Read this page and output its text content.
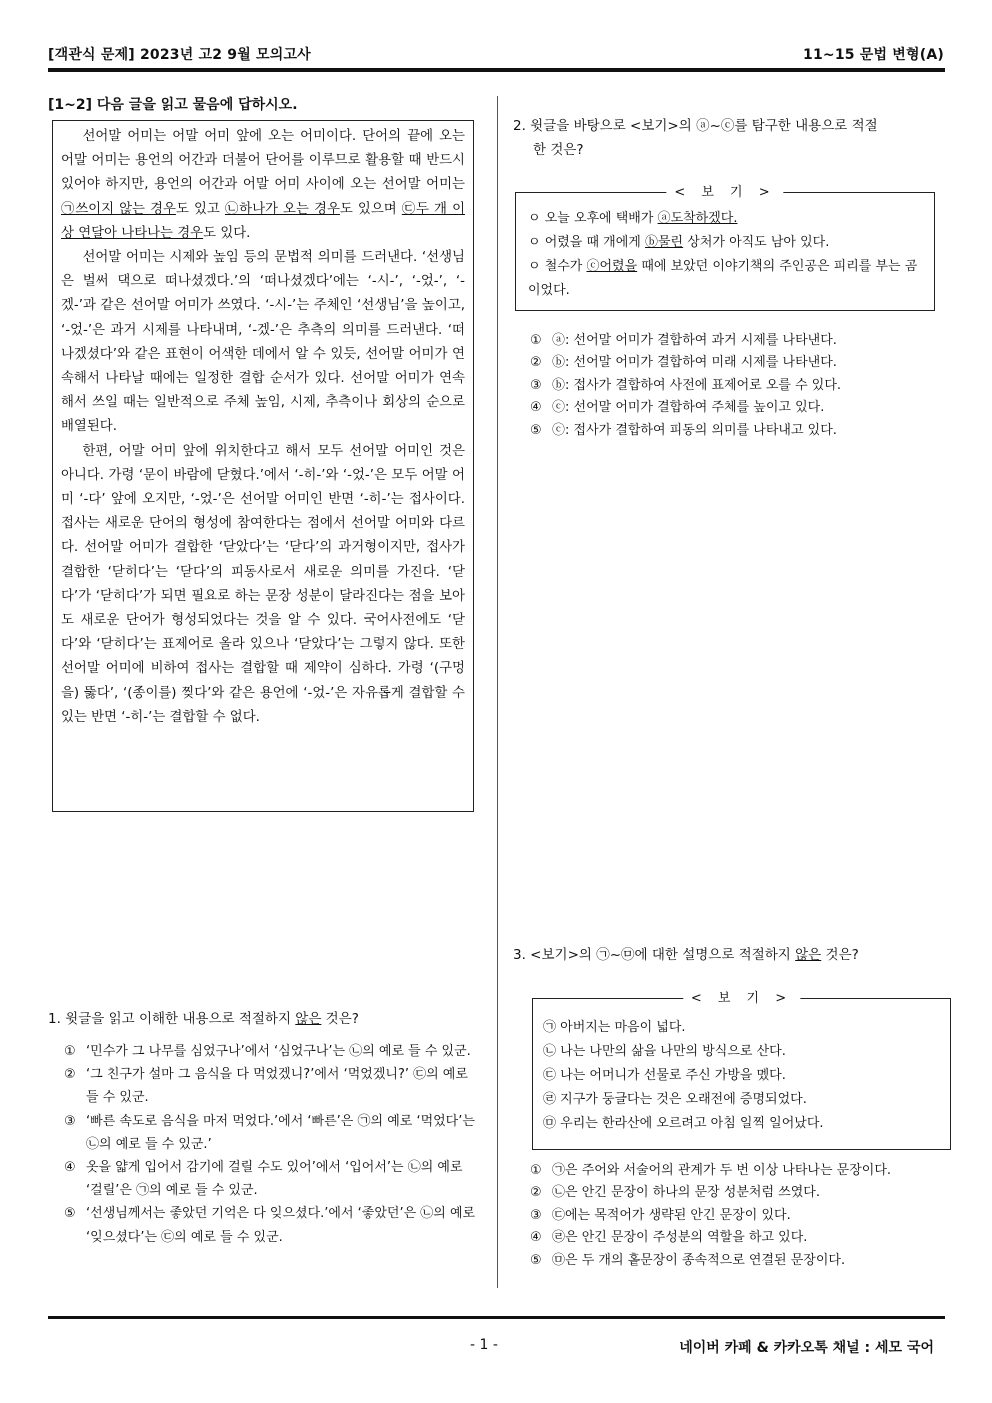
[객관식 문제] 2023년 고2 9월 모의고사	11~15 문법 변형(A)
[1~2] 다음 글을 읽고 물음에 답하시오.

선어말 어미는 어말 어미 앞에 오는 어미이다. 단어의 끝에 오는 어말 어미는 용언의 어간과 더불어 단어를 이루므로 활용할 때 반드시 있어야 하지만, 용언의 어간과 어말 어미 사이에 오는 선어말 어미는 ㉠쓰이지 않는 경우도 있고 ㉡하나가 오는 경우도 있으며 ㉢두 개 이상 연달아 나타나는 경우도 있다.

선어말 어미는 시제와 높임 등의 문법적 의미를 드러낸다. ‘선생님은 벌써 댁으로 떠나셨겠다.’의 ‘떠나셨겠다’에는 ‘-시-’, ‘-었-’, ‘-겠-’과 같은 선어말 어미가 쓰였다. ‘-시-’는 주체인 ‘선생님’을 높이고, ‘-었-’은 과거 시제를 나타내며, ‘-겠-’은 추측의 의미를 드러낸다. ‘떠나겠셨다’와 같은 표현이 어색한 데에서 알 수 있듯, 선어말 어미가 연속해서 나타날 때에는 일정한 결합 순서가 있다. 선어말 어미가 연속해서 쓰일 때는 일반적으로 주체 높임, 시제, 추측이나 회상의 순으로 배열된다.

한편, 어말 어미 앞에 위치한다고 해서 모두 선어말 어미인 것은 아니다. 가령 ‘문이 바람에 닫혔다.’에서 ‘-히-’와 ‘-었-’은 모두 어말 어미 ‘-다’ 앞에 오지만, ‘-었-’은 선어말 어미인 반면 ‘-히-’는 접사이다. 접사는 새로운 단어의 형성에 참여한다는 점에서 선어말 어미와 다르다. 선어말 어미가 결합한 ‘닫았다’는 ‘닫다’의 과거형이지만, 접사가 결합한 ‘닫히다’는 ‘닫다’의 피동사로서 새로운 의미를 가진다. ‘닫다’가 ‘닫히다’가 되면 필요로 하는 문장 성분이 달라진다는 점을 보아도 새로운 단어가 형성되었다는 것을 알 수 있다. 국어사전에도 ‘닫다’와 ‘닫히다’는 표제어로 올라 있으나 ‘닫았다’는 그렇지 않다. 또한 선어말 어미에 비하여 접사는 결합할 때 제약이 심하다. 가령 ‘(구멍을) 뚫다’, ‘(종이를) 찢다’와 같은 용언에 ‘-었-’은 자유롭게 결합할 수 있는 반면 ‘-히-’는 결합할 수 없다.

2. 윗글을 바탕으로 <보기>의 ⓐ~ⓒ를 탐구한 내용으로 적절
한 것은?
< 보 기 >
ㅇ 오늘 오후에 택배가 ⓐ도착하겠다.
ㅇ 어렸을 때 개에게 ⓑ물린 상처가 아직도 남아 있다.
ㅇ 철수가 ⓒ어렸을 때에 보았던 이야기책의 주인공은 피리를 부는 곰이었다.
① ⓐ: 선어말 어미가 결합하여 과거 시제를 나타낸다.
② ⓑ: 선어말 어미가 결합하여 미래 시제를 나타낸다.
③ ⓑ: 접사가 결합하여 사전에 표제어로 오를 수 있다.
④ ⓒ: 선어말 어미가 결합하여 주체를 높이고 있다.
⑤ ⓒ: 접사가 결합하여 피동의 의미를 나타내고 있다.
1. 윗글을 읽고 이해한 내용으로 적절하지 않은 것은?
① ‘민수가 그 나무를 심었구나’에서 ‘심었구나’는 ㉡의 예로 들 수 있군.
② ‘그 친구가 설마 그 음식을 다 먹었겠니?’에서 ‘먹었겠니?’ ㉢의 예로 들 수 있군.
③ ‘빠른 속도로 음식을 마저 먹었다.’에서 ‘빠른’은 ㉠의 예로 ‘먹었다’는 ㉡의 예로 들 수 있군.’
④ 옷을 얇게 입어서 감기에 걸릴 수도 있어’에서 ‘입어서’는 ㉡의 예로 ‘걸릴’은 ㉠의 예로 들 수 있군.
⑤ ‘선생님께서는 좋았던 기억은 다 잊으셨다.’에서 ‘좋았던’은 ㉡의 예로 ‘잊으셨다’는 ㉢의 예로 들 수 있군.
3. <보기>의 ㉠~㉤에 대한 설명으로 적절하지 않은 것은?
< 보 기 >
㉠ 아버지는 마음이 넓다.
㉡ 나는 나만의 삶을 나만의 방식으로 산다.
㉢ 나는 어머니가 선물로 주신 가방을 멨다.
㉣ 지구가 둥글다는 것은 오래전에 증명되었다.
㉤ 우리는 한라산에 오르려고 아침 일찍 일어났다.
① ㉠은 주어와 서술어의 관계가 두 번 이상 나타나는 문장이다.
② ㉡은 안긴 문장이 하나의 문장 성분처럼 쓰였다.
③ ㉢에는 목적어가 생략된 안긴 문장이 있다.
④ ㉣은 안긴 문장이 주성분의 역할을 하고 있다.
⑤ ㉤은 두 개의 홑문장이 종속적으로 연결된 문장이다.
- 1 -	네이버 카페 & 카카오톡 채널 : 세모 국어
